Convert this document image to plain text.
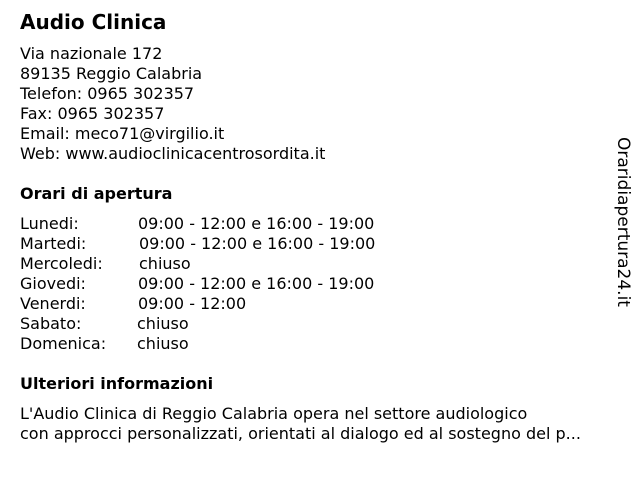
Audio Clinica
Via nazionale 172
89135 Reggio Calabria
Telefon: 0965 302357
Fax: 0965 302357
Email: meco71@virgilio.it
Web: www.audioclinicacentrosordita.it
Orari di apertura
Lunedi:	09:00 - 12:00 e 16:00 - 19:00
Martedi:	09:00 - 12:00 e 16:00 - 19:00
Mercoledi: chiuso
Giovedi:	09:00 - 12:00 e 16:00 - 19:00
Venerdi:	09:00 - 12:00
Sabato:	chiuso
Domenica: chiuso
Ulteriori informazioni
L'Audio Clinica di Reggio Calabria opera nel settore audiologico
con approcci personalizzati, orientati al dialogo ed al sostegno del p...
Oraridiapertura24.it
